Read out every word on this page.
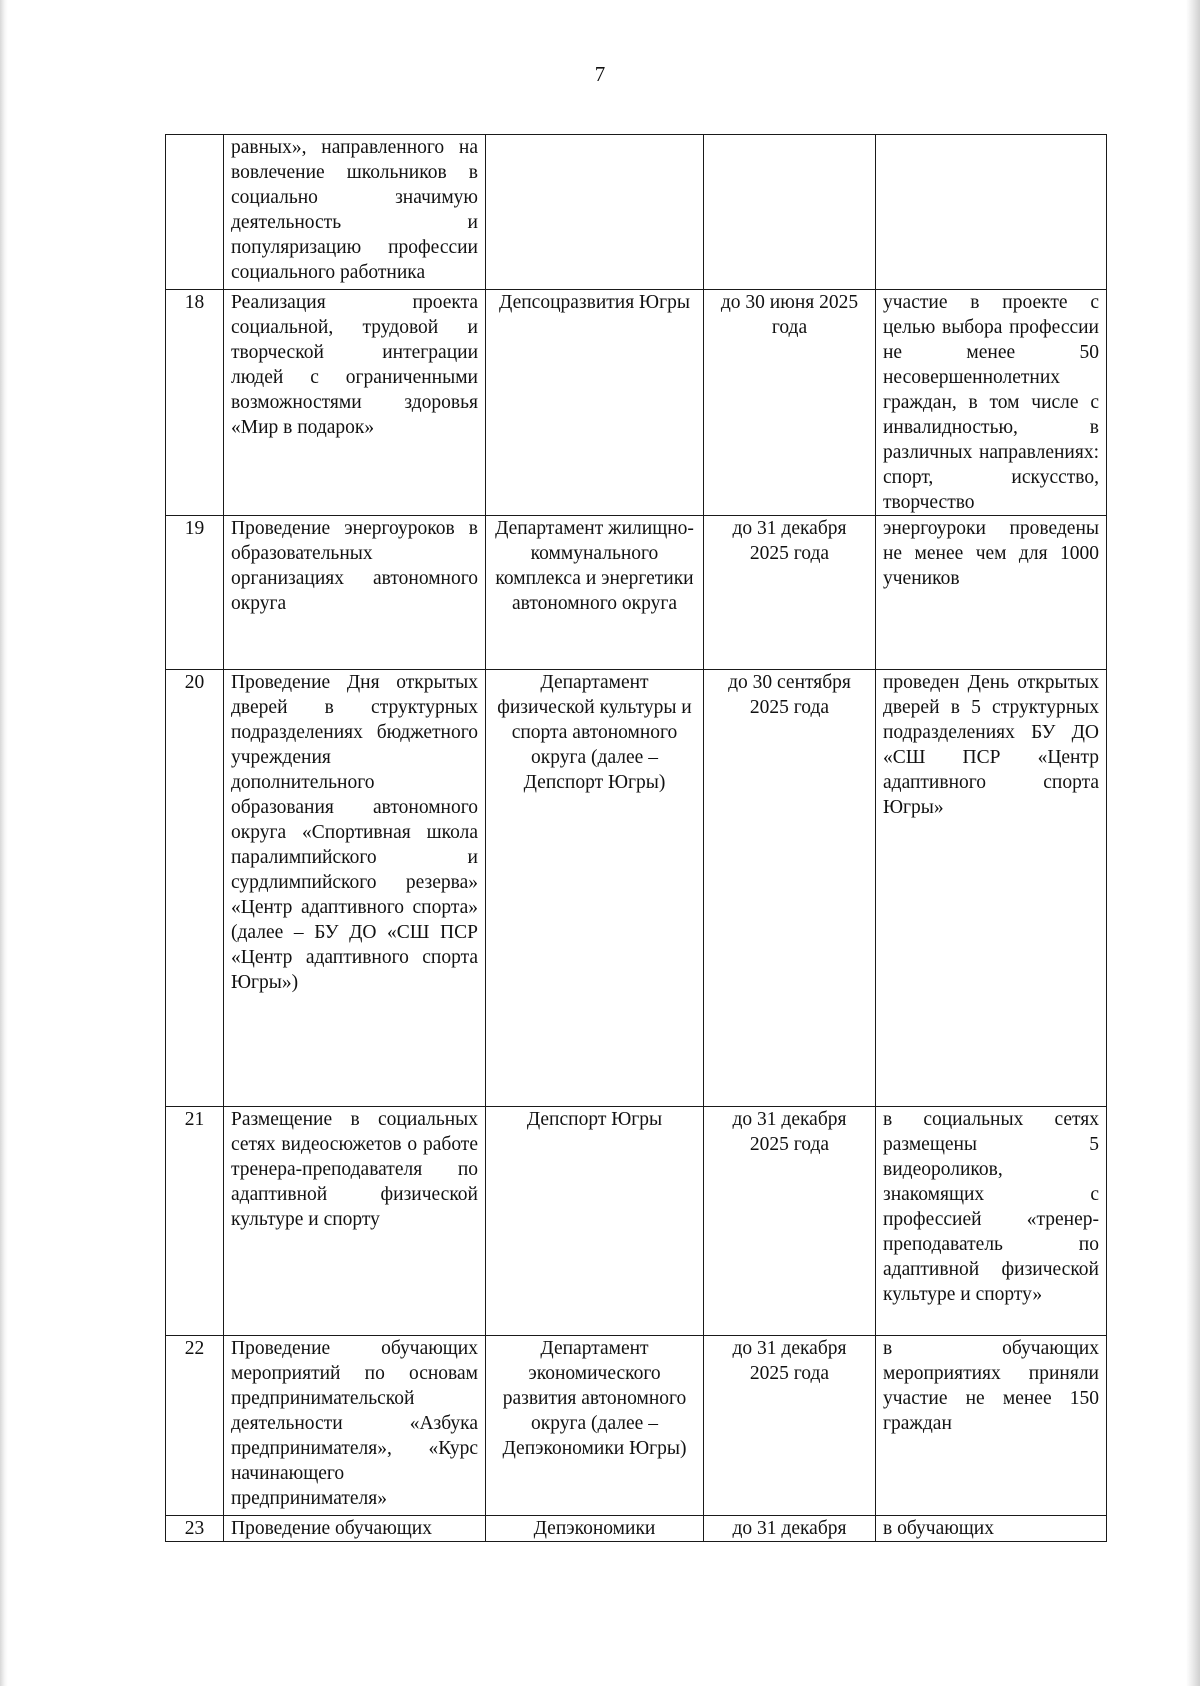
7

	равных», направленного на вовлечение школьников в социально значимую деятельность и популяризацию профессии социального работника			

18	Реализация проекта социальной, трудовой и творческой интеграции людей с ограниченными возможностями здоровья «Мир в подарок»	Депсоцразвития Югры	до 30 июня 2025 года	участие в проекте с целью выбора профессии не менее 50 несовершеннолетних граждан, в том числе с инвалидностью, в различных направлениях: спорт, искусство, творчество

19	Проведение энергоуроков в образовательных организациях автономного округа	Департамент жилищно-коммунального комплекса и энергетики автономного округа	до 31 декабря 2025 года	энергоуроки проведены не менее чем для 1000 учеников

20	Проведение Дня открытых дверей в структурных подразделениях бюджетного учреждения дополнительного образования автономного округа «Спортивная школа паралимпийского и сурдлимпийского резерва» «Центр адаптивного спорта» (далее – БУ ДО «СШ ПСР «Центр адаптивного спорта Югры»)	Департамент физической культуры и спорта автономного округа (далее – Депспорт Югры)	до 30 сентября 2025 года	проведен День открытых дверей в 5 структурных подразделениях БУ ДО «СШ ПСР «Центр адаптивного спорта Югры»

21	Размещение в социальных сетях видеосюжетов о работе тренера-преподавателя по адаптивной физической культуре и спорту	Депспорт Югры	до 31 декабря 2025 года	в социальных сетях размещены 5 видеороликов, знакомящих с профессией «тренер-преподаватель по адаптивной физической культуре и спорту»

22	Проведение обучающих мероприятий по основам предпринимательской деятельности «Азбука предпринимателя», «Курс начинающего предпринимателя»	Департамент экономического развития автономного округа (далее – Депэкономики Югры)	до 31 декабря 2025 года	в обучающих мероприятиях приняли участие не менее 150 граждан

23	Проведение обучающих	Депэкономики	до 31 декабря	в обучающих
